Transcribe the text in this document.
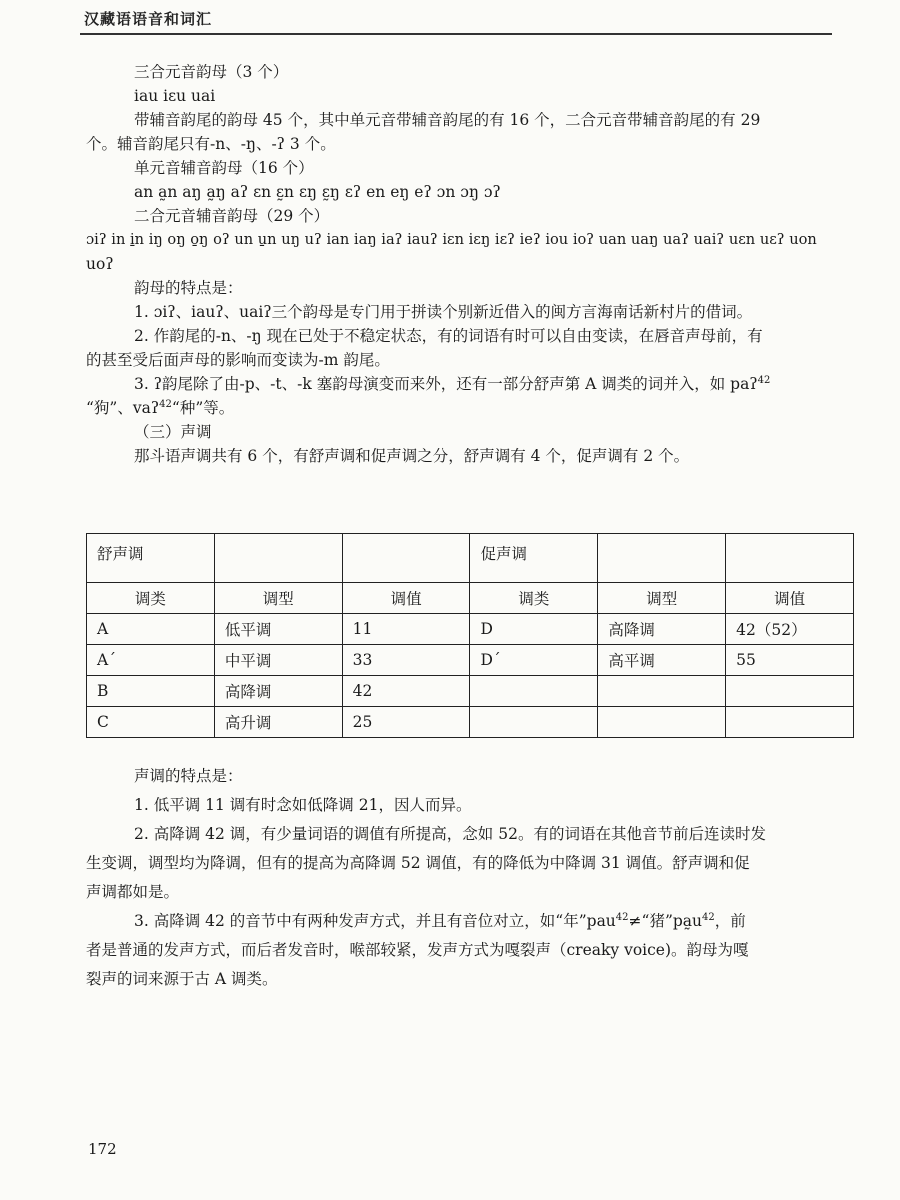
汉藏语语音和词汇

三合元音韵母（3 个）
iau iɛu uai
带辅音韵尾的韵母 45 个，其中单元音带辅音韵尾的有 16 个，二合元音带辅音韵尾的有 29
个。辅音韵尾只有-n、-ŋ、-ʔ 3 个。
单元音辅音韵母（16 个）
an a̰n aŋ a̰ŋ aʔ ɛn ɛ̰n ɛŋ ɛ̰ŋ ɛʔ en eŋ eʔ ɔn ɔŋ ɔʔ
二合元音辅音韵母（29 个）
ɔiʔ in i̱n iŋ oŋ o̱ŋ oʔ un u̱n uŋ uʔ ian iaŋ iaʔ iauʔ iɛn iɛŋ iɛʔ ieʔ iou ioʔ uan uaŋ uaʔ uaiʔ uɛn uɛʔ uon
uoʔ
韵母的特点是：
1. ɔiʔ、iauʔ、uaiʔ三个韵母是专门用于拼读个别新近借入的闽方言海南话新村片的借词。
2. 作韵尾的-n、-ŋ 现在已处于不稳定状态，有的词语有时可以自由变读，在唇音声母前，有
的甚至受后面声母的影响而变读为-m 韵尾。
3. ʔ韵尾除了由-p、-t、-k 塞韵母演变而来外，还有一部分舒声第 A 调类的词并入，如 paʔ$^{42}$
“狗”、vaʔ$^{42}$“种”等。
（三）声调
那斗语声调共有 6 个，有舒声调和促声调之分，舒声调有 4 个，促声调有 2 个。

舒声调			促声调		
调类	调型	调值	调类	调型	调值
A	低平调	11	D	高降调	42（52）
A´	中平调	33	D´	高平调	55
B	高降调	42			
C	高升调	25			

声调的特点是：
1. 低平调 11 调有时念如低降调 21，因人而异。
2. 高降调 42 调，有少量词语的调值有所提高，念如 52。有的词语在其他音节前后连读时发
生变调，调型均为降调，但有的提高为高降调 52 调值，有的降低为中降调 31 调值。舒声调和促
声调都如是。
3. 高降调 42 的音节中有两种发声方式，并且有音位对立，如“年”pau$^{42}$≠“猪$”pa̰u^{42}$，前
者是普通的发声方式，而后者发音时，喉部较紧，发声方式为嘎裂声（creaky voice)。韵母为嘎
裂声的词来源于古 A 调类。

172
